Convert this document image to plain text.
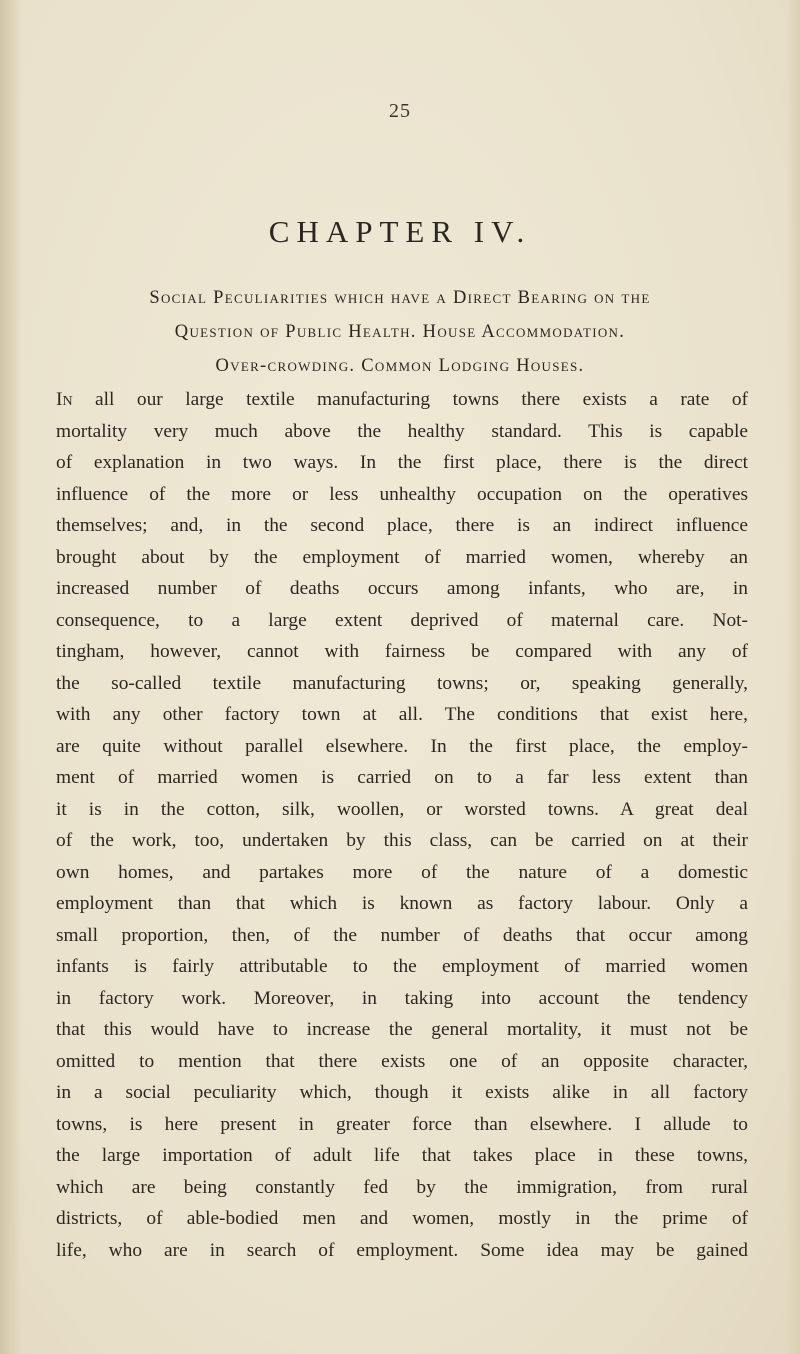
25
CHAPTER IV.
Social Peculiarities which have a Direct Bearing on the
Question of Public Health. House Accommodation.
Over-crowding. Common Lodging Houses.
In all our large textile manufacturing towns there exists a rate of
mortality very much above the healthy standard. This is capable
of explanation in two ways. In the first place, there is the direct
influence of the more or less unhealthy occupation on the operatives
themselves; and, in the second place, there is an indirect influence
brought about by the employment of married women, whereby an
increased number of deaths occurs among infants, who are, in
consequence, to a large extent deprived of maternal care. Not-
tingham, however, cannot with fairness be compared with any of
the so-called textile manufacturing towns; or, speaking generally,
with any other factory town at all. The conditions that exist here,
are quite without parallel elsewhere. In the first place, the employ-
ment of married women is carried on to a far less extent than
it is in the cotton, silk, woollen, or worsted towns. A great deal
of the work, too, undertaken by this class, can be carried on at their
own homes, and partakes more of the nature of a domestic
employment than that which is known as factory labour. Only a
small proportion, then, of the number of deaths that occur among
infants is fairly attributable to the employment of married women
in factory work. Moreover, in taking into account the tendency
that this would have to increase the general mortality, it must not be
omitted to mention that there exists one of an opposite character,
in a social peculiarity which, though it exists alike in all factory
towns, is here present in greater force than elsewhere. I allude to
the large importation of adult life that takes place in these towns,
which are being constantly fed by the immigration, from rural
districts, of able-bodied men and women, mostly in the prime of
life, who are in search of employment. Some idea may be gained
